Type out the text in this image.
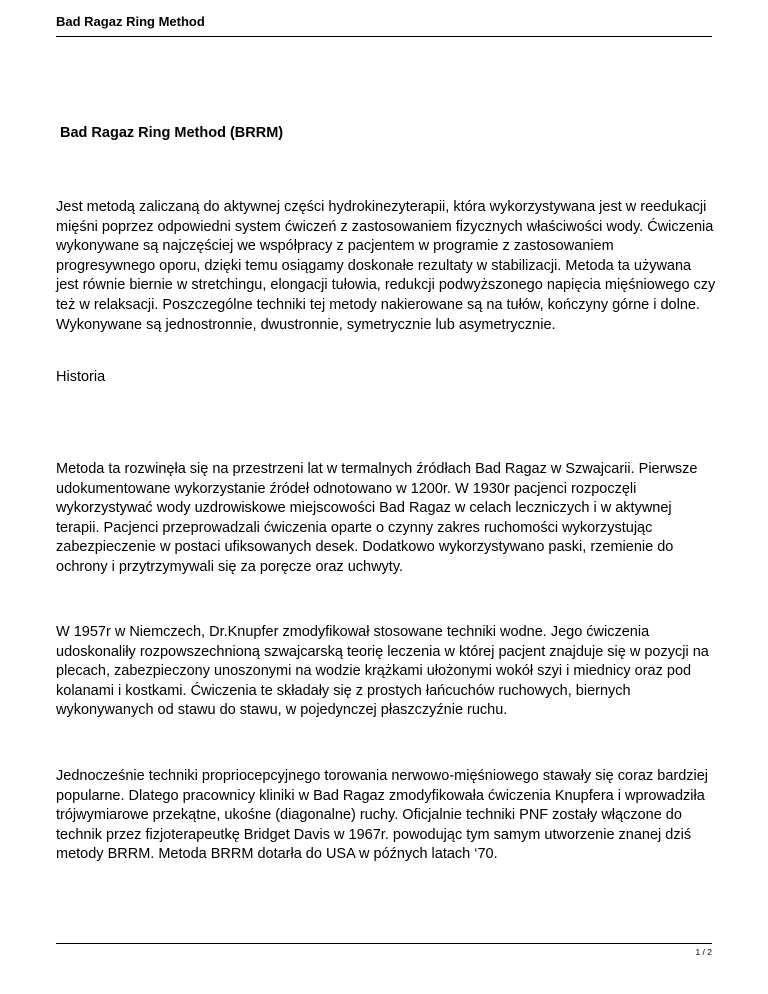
Bad Ragaz Ring Method
Bad Ragaz Ring Method (BRRM)

Jest metodą zaliczaną do aktywnej części hydrokinezyterapii, która wykorzystywana jest w reedukacji mięśni poprzez odpowiedni system ćwiczeń z zastosowaniem fizycznych właściwości wody. Ćwiczenia wykonywane są najczęściej we współpracy z pacjentem w programie z zastosowaniem progresywnego oporu, dzięki temu osiągamy doskonałe rezultaty w stabilizacji. Metoda ta używana jest równie biernie w stretchingu, elongacji tułowia, redukcji podwyższonego napięcia mięśniowego czy też w relaksacji. Poszczególne techniki tej metody nakierowane są na tułów, kończyny górne i dolne. Wykonywane są jednostronnie, dwustronnie, symetrycznie lub asymetrycznie.

Historia

Metoda ta rozwinęła się na przestrzeni lat w termalnych źródłach Bad Ragaz w Szwajcarii. Pierwsze udokumentowane wykorzystanie źródeł odnotowano w 1200r. W 1930r pacjenci rozpoczęli wykorzystywać wody uzdrowiskowe miejscowości Bad Ragaz w celach leczniczych i w aktywnej terapii. Pacjenci przeprowadzali ćwiczenia oparte o czynny zakres ruchomości wykorzystując zabezpieczenie w postaci ufiksowanych desek. Dodatkowo wykorzystywano paski, rzemienie do ochrony i przytrzymywali się za poręcze oraz uchwyty.

W 1957r w Niemczech, Dr.Knupfer zmodyfikował stosowane techniki wodne. Jego ćwiczenia udoskonaliły rozpowszechnioną szwajcarską teorię leczenia w której pacjent znajduje się w pozycji na plecach, zabezpieczony unoszonymi na wodzie krążkami ułożonymi wokół szyi i miednicy oraz pod kolanami i kostkami. Ćwiczenia te składały się z prostych łańcuchów ruchowych, biernych wykonywanych od stawu do stawu, w pojedynczej płaszczyźnie ruchu.

Jednocześnie techniki propriocepcyjnego torowania nerwowo-mięśniowego stawały się coraz bardziej popularne. Dlatego pracownicy kliniki w Bad Ragaz zmodyfikowała ćwiczenia Knupfera i wprowadziła trójwymiarowe przekątne, ukośne (diagonalne) ruchy. Oficjalnie techniki PNF zostały włączone do technik przez fizjoterapeutkę Bridget Davis w 1967r. powodując tym samym utworzenie znanej dziś metody BRRM. Metoda BRRM dotarła do USA w późnych latach ‘70.

1 / 2
